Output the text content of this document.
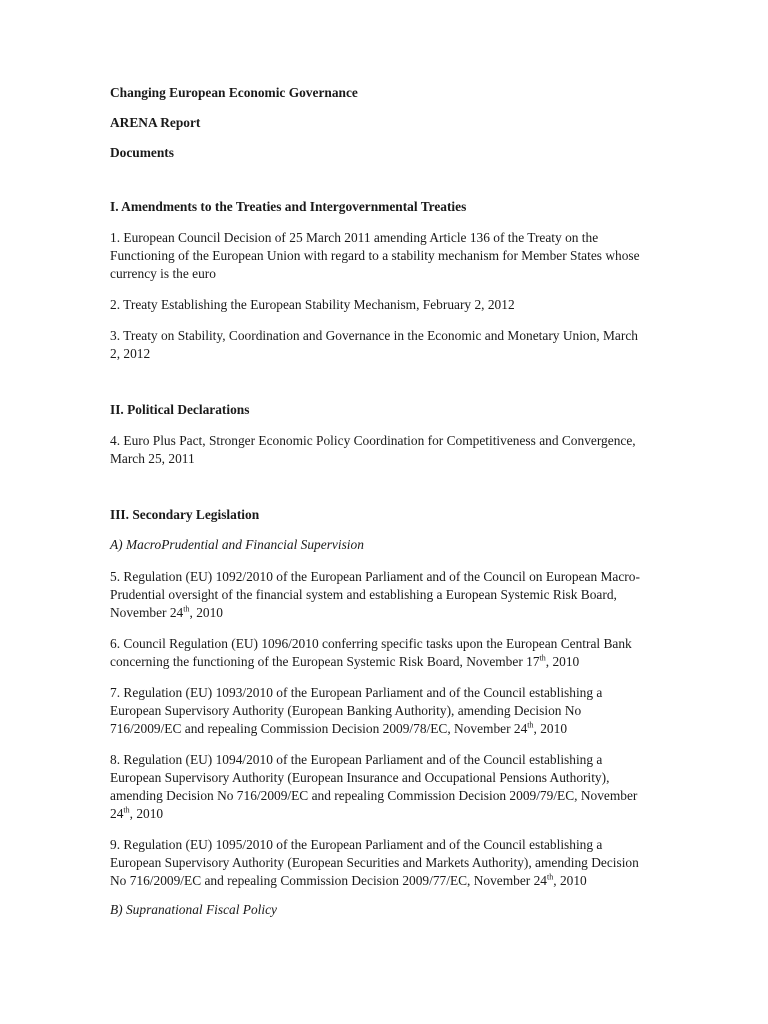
Changing European Economic Governance

ARENA Report

Documents

I. Amendments to the Treaties and Intergovernmental Treaties

1. European Council Decision of 25 March 2011 amending Article 136 of the Treaty on the Functioning of the European Union with regard to a stability mechanism for Member States whose currency is the euro

2. Treaty Establishing the European Stability Mechanism, February 2, 2012

3. Treaty on Stability, Coordination and Governance in the Economic and Monetary Union, March 2, 2012

II. Political Declarations

4. Euro Plus Pact, Stronger Economic Policy Coordination for Competitiveness and Convergence, March 25, 2011

III. Secondary Legislation

A) MacroPrudential and Financial Supervision

5. Regulation (EU) 1092/2010 of the European Parliament and of the Council on European Macro-Prudential oversight of the financial system and establishing a European Systemic Risk Board, November 24th, 2010

6. Council Regulation (EU) 1096/2010 conferring specific tasks upon the European Central Bank concerning the functioning of the European Systemic Risk Board, November 17th, 2010

7. Regulation (EU) 1093/2010 of the European Parliament and of the Council establishing a European Supervisory Authority (European Banking Authority), amending Decision No 716/2009/EC and repealing Commission Decision 2009/78/EC, November 24th, 2010

8. Regulation (EU) 1094/2010 of the European Parliament and of the Council establishing a European Supervisory Authority (European Insurance and Occupational Pensions Authority), amending Decision No 716/2009/EC and repealing Commission Decision 2009/79/EC, November 24th, 2010

9. Regulation (EU) 1095/2010 of the European Parliament and of the Council establishing a European Supervisory Authority (European Securities and Markets Authority), amending Decision No 716/2009/EC and repealing Commission Decision 2009/77/EC, November 24th, 2010

B) Supranational Fiscal Policy
